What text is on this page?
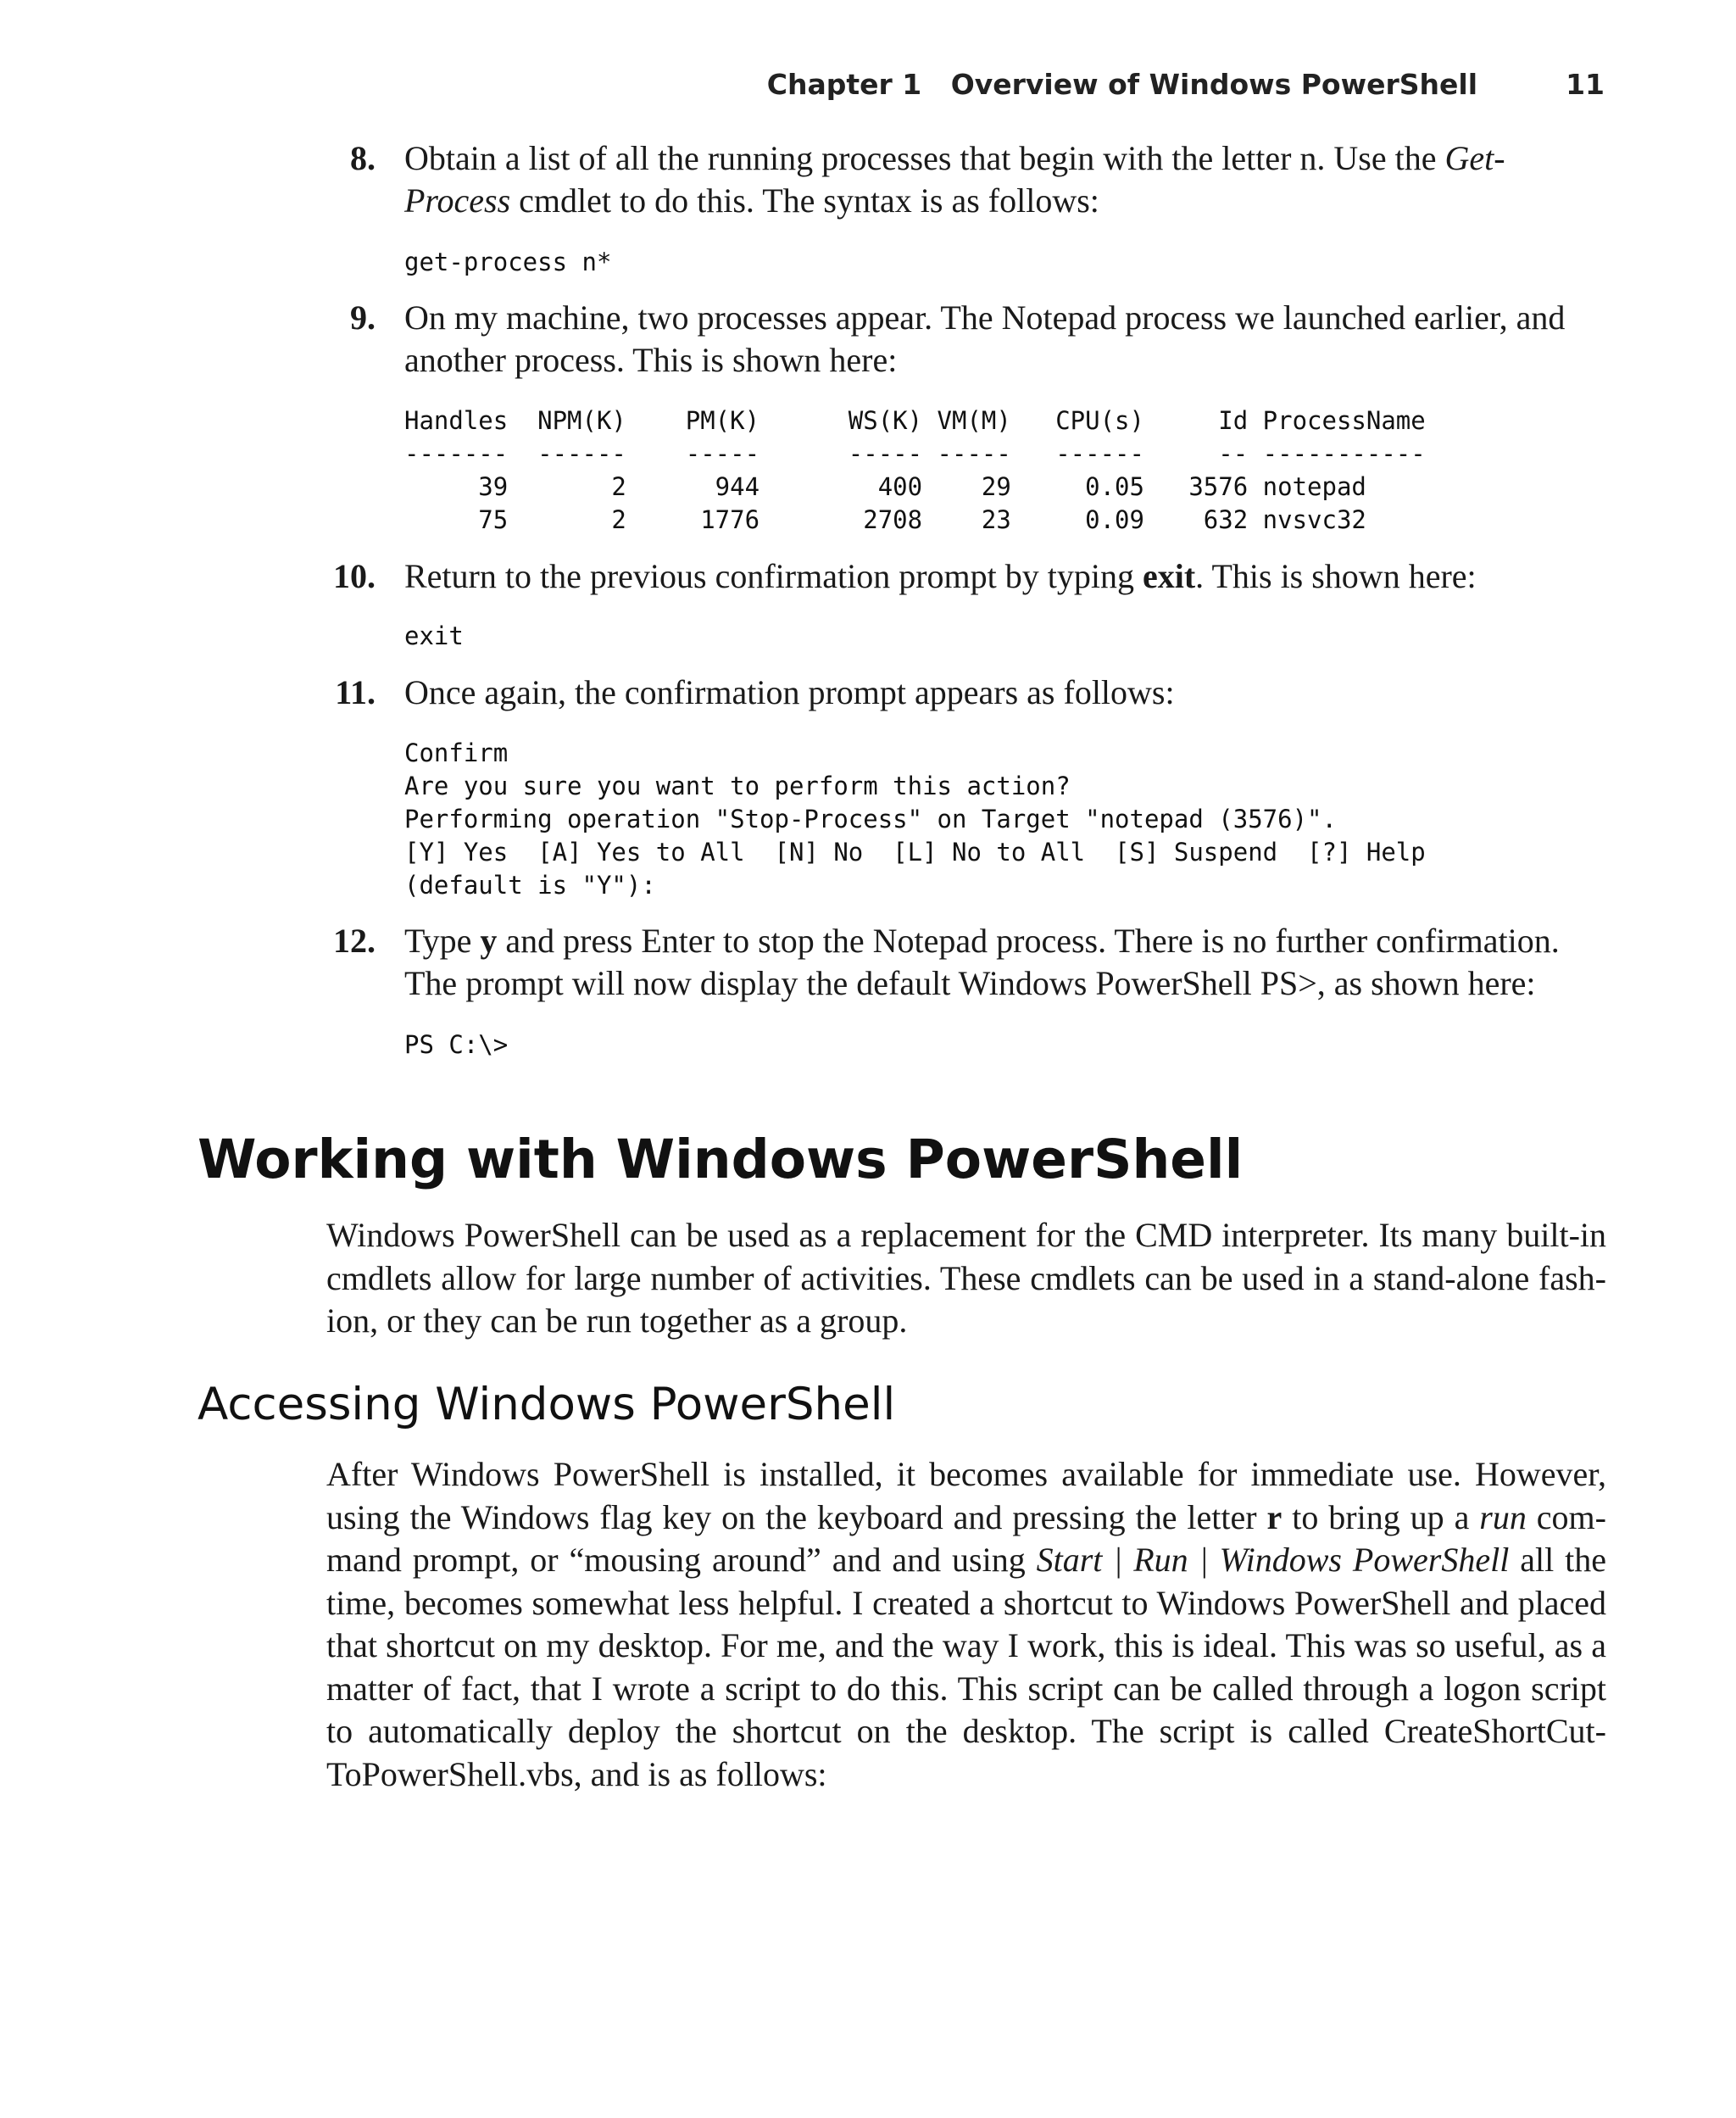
Chapter 1 Overview of Windows PowerShell	11
8. Obtain a list of all the running processes that begin with the letter n. Use the Get-Process cmdlet to do this. The syntax is as follows:
get-process n*
9. On my machine, two processes appear. The Notepad process we launched earlier, and another process. This is shown here:
Handles  NPM(K)    PM(K)      WS(K) VM(M)   CPU(s)     Id ProcessName
-------  ------    -----      ----- -----   ------     -- -----------
39       2      944        400    29     0.05   3576 notepad
75       2     1776       2708    23     0.09    632 nvsvc32
10. Return to the previous confirmation prompt by typing exit. This is shown here:
exit
11. Once again, the confirmation prompt appears as follows:
Confirm
Are you sure you want to perform this action?
Performing operation "Stop-Process" on Target "notepad (3576)".
[Y] Yes  [A] Yes to All  [N] No  [L] No to All  [S] Suspend  [?] Help
(default is "Y"):
12. Type y and press Enter to stop the Notepad process. There is no further confirmation. The prompt will now display the default Windows PowerShell PS>, as shown here:
PS C:\>
Working with Windows PowerShell

Windows PowerShell can be used as a replacement for the CMD interpreter. Its many built-in cmdlets allow for large number of activities. These cmdlets can be used in a stand-alone fashion, or they can be run together as a group.

Accessing Windows PowerShell

After Windows PowerShell is installed, it becomes available for immediate use. However, using the Windows flag key on the keyboard and pressing the letter r to bring up a run command prompt, or “mousing around” and and using Start | Run | Windows PowerShell all the time, becomes somewhat less helpful. I created a shortcut to Windows PowerShell and placed that shortcut on my desktop. For me, and the way I work, this is ideal. This was so useful, as a matter of fact, that I wrote a script to do this. This script can be called through a logon script to automatically deploy the shortcut on the desktop. The script is called CreateShortCutToPowerShell.vbs, and is as follows:
